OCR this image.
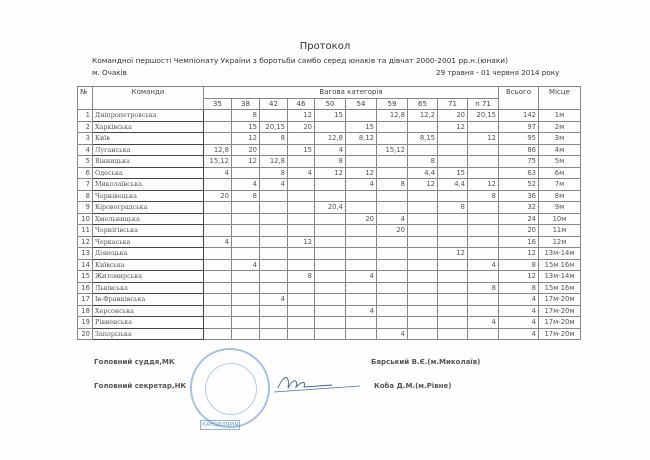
Протокол
Командної першості Чемпіонату України з боротьби самбо серед юнаків та дівчат 2000-2001 рр.н.(юнаки)
м. Очаків	29 травня - 01 червня 2014 року
№	Команди	Вагова категорія										Всього	Місце
		35	38	42	46	50	54	59	65	71	п 71		
1	Дніпропетровська		8		12	15		12,8	12,2	20	20,15	142	1м
2	Харківська		15	20,15	20		15			12		97	2м
3	Київ		12	8		12,8	8,12		8,15		12	95	3м
4	Луганська	12,8	20		15	4		15,12				86	4м
5	Вінницька	15,12	12	12,8		8			8			75	5м
6	Одеська	4		8	4	12	12		4,4	15		63	6м
7	Миколаївська		4	4			4	8	12	4,4	12	52	7м
8	Чернівецька	20	8								8	36	8м
9	Кіровоградська					20,4				8		32	9м
10	Хмельницька						20	4				24	10м
11	Чернігівська							20				20	11м
12	Черкаська	4			12							16	12м
13	Донецька									12		12	13м-14м
14	Київська		4								4	8	15м 16м
15	Житомирська				8		4					12	13м-14м
16	Львівська										8	8	15м 16м
17	Ів-Франківська			4								4	17м-20м
18	Херсонська						4					4	17м-20м
19	Рівненська										4	4	17м-20м
20	Запорізька							4				4	17м-20м
Головний суддя,МК	Барський В.Є.(м.Миколаїв)
Головний секретар,НК	Коба Д.М.(м.Рівне)
КАНЦЕЛЯРІЯ
